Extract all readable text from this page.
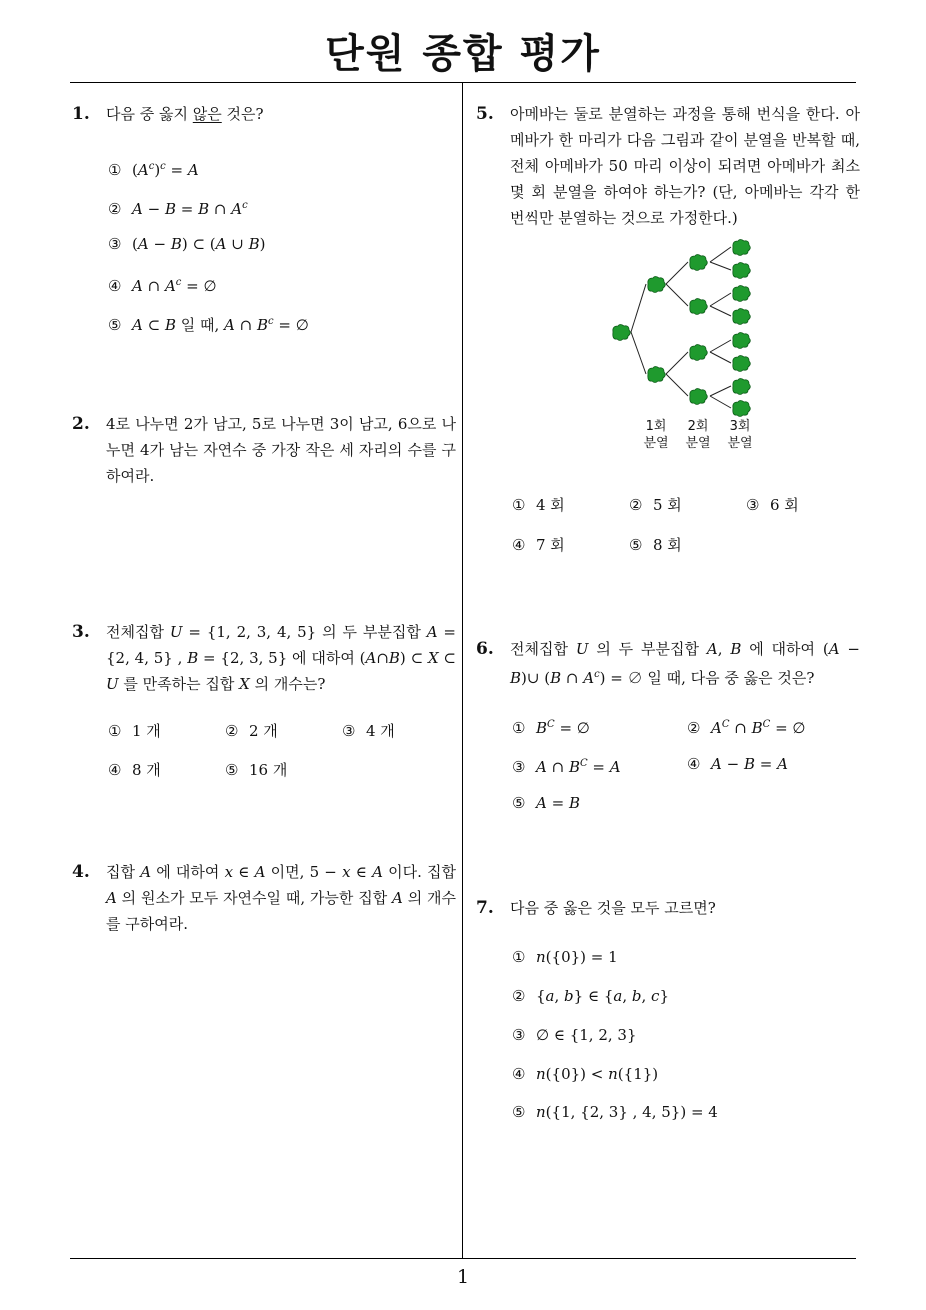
단원 종합 평가
1
1. 다음 중 옳지 않은 것은?
① $(A^c)^c = A$
② A − B = B ∩ $A^c$
③ (A − B) ⊂ (A ∪ B)
④ A ∩ $A^c$ = ∅
⑤ A ⊂ B 일 때, A ∩ $B^c$ = ∅
2. 4로 나누면 2가 남고, 5로 나누면 3이 남고, 6으로 나누면 4가 남는 자연수 중 가장 작은 세 자리의 수를 구하여라.
3. 전체집합 U = {1, 2, 3, 4, 5} 의 두 부분집합 A = {2, 4, 5} , B = {2, 3, 5} 에 대하여 (A∩B) ⊂ X ⊂ U 를 만족하는 집합 X 의 개수는?
① 1 개	② 2 개	③ 4 개
④ 8 개	⑤ 16 개
4. 집합 A 에 대하여 x ∈ A 이면, 5 − x ∈ A 이다. 집합 A 의 원소가 모두 자연수일 때, 가능한 집합 A 의 개수를 구하여라.
5. 아메바는 둘로 분열하는 과정을 통해 번식을 한다. 아메바가 한 마리가 다음 그림과 같이 분열을 반복할 때, 전체 아메바가 50 마리 이상이 되려면 아메바가 최소 몇 회 분열을 하여야 하는가? (단, 아메바는 각각 한 번씩만 분열하는 것으로 가정한다.)
1회
분열
2회
분열
3회
분열
① 4 회	② 5 회	③ 6 회
④ 7 회	⑤ 8 회
6. 전체집합 U 의 두 부분집합 A, B 에 대하여 (A − B)∪ (B ∩ $A^c$) = ∅ 일 때, 다음 중 옳은 것은?
① $B^C$ = ∅	② $A^C$ ∩ $B^C$ = ∅
③ A ∩ $B^C = A$	④ A − B = A
⑤ A = B
7. 다음 중 옳은 것을 모두 고르면?
① n({0}) = 1
② {a, b} ∈ {a, b, c}
③ ∅ ∈ {1, 2, 3}
④ n({0}) < n({1})
⑤ n({1, {2, 3} , 4, 5}) = 4
